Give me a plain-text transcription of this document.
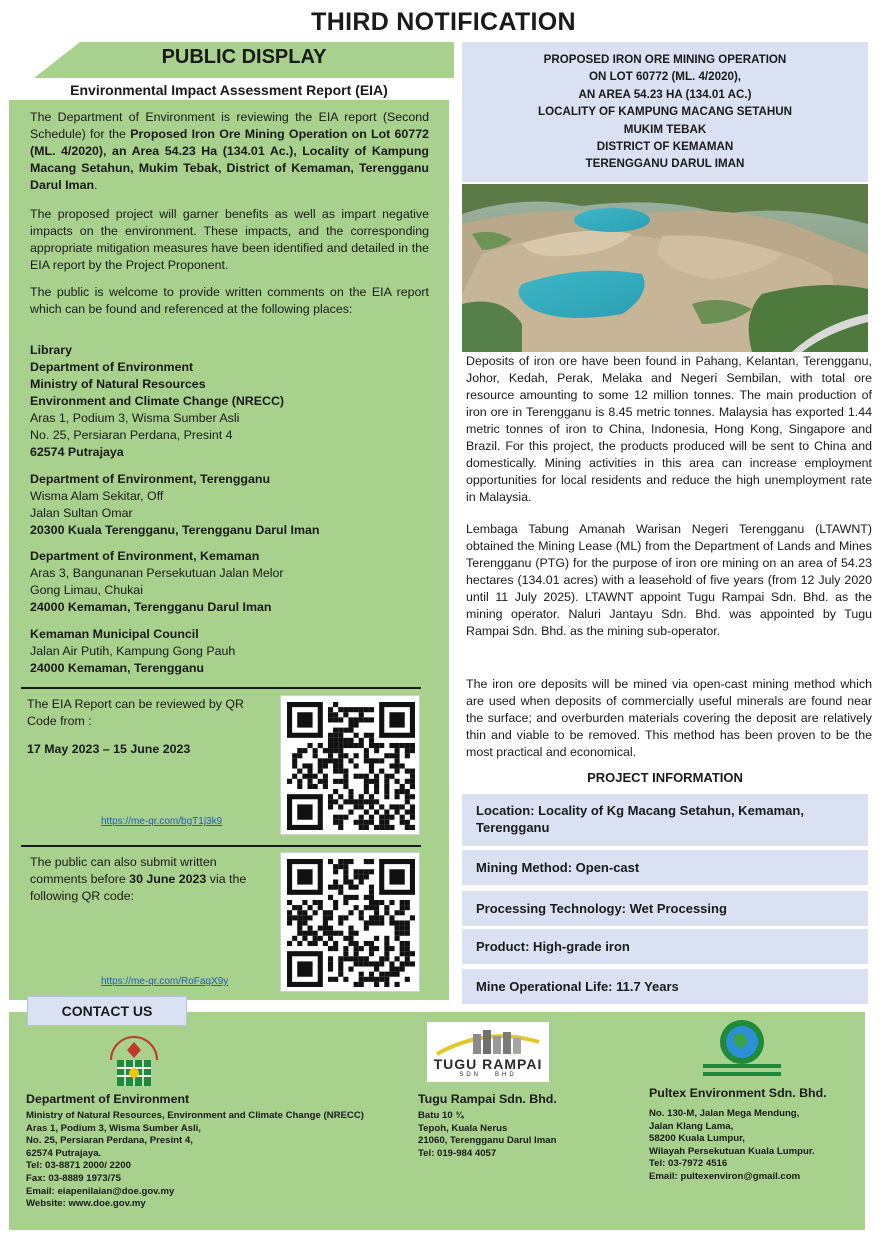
THIRD NOTIFICATION
PUBLIC DISPLAY
Environmental Impact Assessment Report (EIA)
The Department of Environment is reviewing the EIA report (Second Schedule) for the Proposed Iron Ore Mining Operation on Lot 60772 (ML. 4/2020), an Area 54.23 Ha (134.01 Ac.), Locality of Kampung Macang Setahun, Mukim Tebak, District of Kemaman, Terengganu Darul Iman.
The proposed project will garner benefits as well as impart negative impacts on the environment. These impacts, and the corresponding appropriate mitigation measures have been identified and detailed in the EIA report by the Project Proponent.
The public is welcome to provide written comments on the EIA report which can be found and referenced at the following places:
Library
Department of Environment
Ministry of Natural Resources
Environment and Climate Change (NRECC)
Aras 1, Podium 3, Wisma Sumber Asli
No. 25, Persiaran Perdana, Presint 4
62574 Putrajaya
Department of Environment, Terengganu
Wisma Alam Sekitar, Off
Jalan Sultan Omar
20300 Kuala Terengganu, Terengganu Darul Iman
Department of Environment, Kemaman
Aras 3, Bangunanan Persekutuan Jalan Melor
Gong Limau, Chukai
24000 Kemaman, Terengganu Darul Iman
Kemaman Municipal Council
Jalan Air Putih, Kampung Gong Pauh
24000 Kemaman, Terengganu
The EIA Report can be reviewed by QR Code from :
17 May 2023 – 15 June 2023
https://me-qr.com/bgT1j3k9
The public can also submit written comments before 30 June 2023 via the following QR code:
https://me-qr.com/RoFagX9y
PROPOSED IRON ORE MINING OPERATION
ON LOT 60772 (ML. 4/2020),
AN AREA 54.23 HA (134.01 AC.)
LOCALITY OF KAMPUNG MACANG SETAHUN
MUKIM TEBAK
DISTRICT OF KEMAMAN
TERENGGANU DARUL IMAN
Deposits of iron ore have been found in Pahang, Kelantan, Terengganu, Johor, Kedah, Perak, Melaka and Negeri Sembilan, with total ore resource amounting to some 12 million tonnes. The main production of iron ore in Terengganu is 8.45 metric tonnes. Malaysia has exported 1.44 metric tonnes of iron to China, Indonesia, Hong Kong, Singapore and Brazil. For this project, the products produced will be sent to China and domestically. Mining activities in this area can increase employment opportunities for local residents and reduce the high unemployment rate in Malaysia.
Lembaga Tabung Amanah Warisan Negeri Terengganu (LTAWNT) obtained the Mining Lease (ML) from the Department of Lands and Mines Terengganu (PTG) for the purpose of iron ore mining on an area of 54.23 hectares (134.01 acres) with a leasehold of five years (from 12 July 2020 until 11 July 2025). LTAWNT appoint Tugu Rampai Sdn. Bhd. as the mining operator. Naluri Jantayu Sdn. Bhd. was appointed by Tugu Rampai Sdn. Bhd. as the mining sub-operator.
The iron ore deposits will be mined via open-cast mining method which are used when deposits of commercially useful minerals are found near the surface; and overburden materials covering the deposit are relatively thin and viable to be removed. This method has been proven to be the most practical and economical.
PROJECT INFORMATION
Location: Locality of Kg Macang Setahun, Kemaman, Terengganu
Mining Method: Open-cast
Processing Technology: Wet Processing
Product: High-grade iron
Mine Operational Life: 11.7 Years
Department of Environment
Ministry of Natural Resources, Environment and Climate Change (NRECC)
Aras 1, Podium 3, Wisma Sumber Asli,
No. 25, Persiaran Perdana, Presint 4,
62574 Putrajaya.
Tel: 03-8871 2000/ 2200
Fax: 03-8889 1973/75
Email: eiapenilaian@doe.gov.my
Website: www.doe.gov.my
TUGU RAMPAI
SDN   BHD
Tugu Rampai Sdn. Bhd.
Batu 10 ¾
Tepoh, Kuala Nerus
21060, Terengganu Darul Iman
Tel: 019-984 4057
Pultex Environment Sdn. Bhd.
No. 130-M, Jalan Mega Mendung,
Jalan Klang Lama,
58200 Kuala Lumpur,
Wilayah Persekutuan Kuala Lumpur.
Tel: 03-7972 4516
Email: pultexenviron@gmail.com
CONTACT US
